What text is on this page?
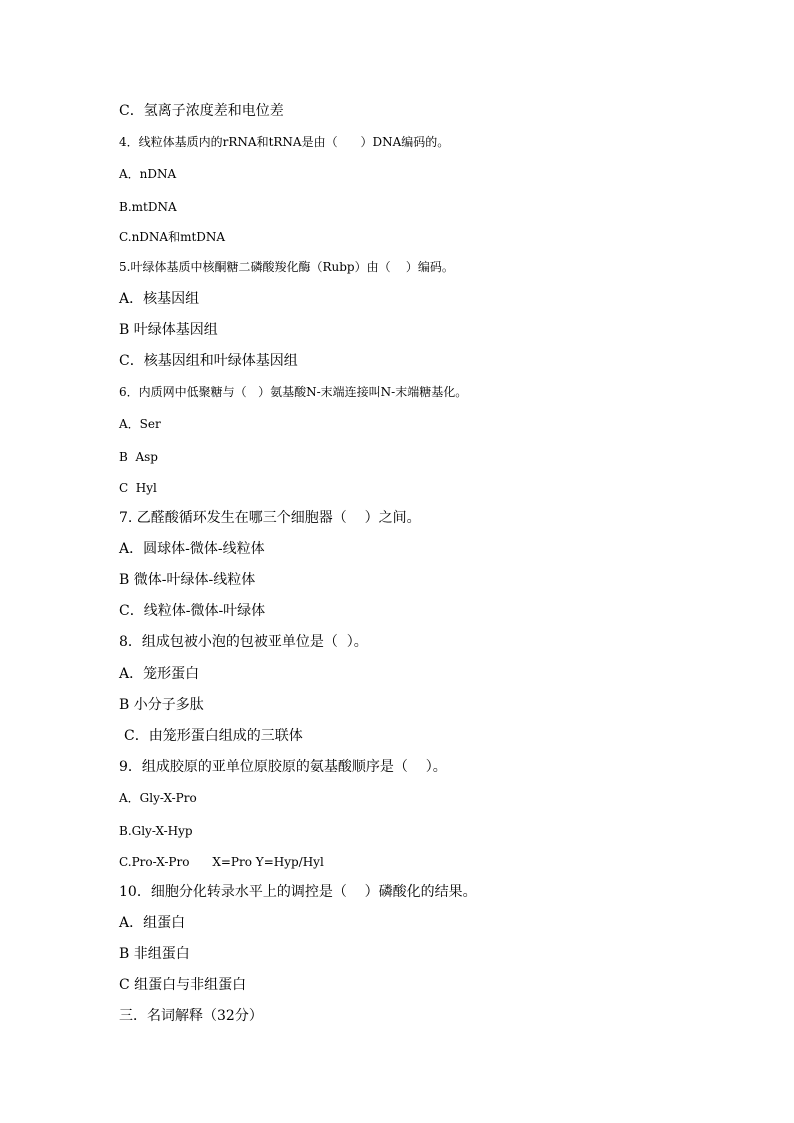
C．氢离子浓度差和电位差
4．线粒体基质内的rRNA和tRNA是由（      ）DNA编码的。
A．nDNA
B.mtDNA
C.nDNA和mtDNA
5.叶绿体基质中核酮糖二磷酸羧化酶（Rubp）由（    ）编码。
A．核基因组
B 叶绿体基因组
C．核基因组和叶绿体基因组
6．内质网中低聚糖与（   ）氨基酸N-末端连接叫N-末端糖基化。
A．Ser
B  Asp
C  Hyl
7. 乙醛酸循环发生在哪三个细胞器（    ）之间。
A．圆球体-微体-线粒体
B 微体-叶绿体-线粒体
C．线粒体-微体-叶绿体
8．组成包被小泡的包被亚单位是（  ）。
A．笼形蛋白
B 小分子多肽
C．由笼形蛋白组成的三联体
9．组成胶原的亚单位原胶原的氨基酸顺序是（    ）。
A．Gly-X-Pro
B.Gly-X-Hyp
C.Pro-X-Pro      X=Pro Y=Hyp/Hyl
10．细胞分化转录水平上的调控是（    ）磷酸化的结果。
A．组蛋白
B 非组蛋白
C 组蛋白与非组蛋白
三．名词解释（32分）
